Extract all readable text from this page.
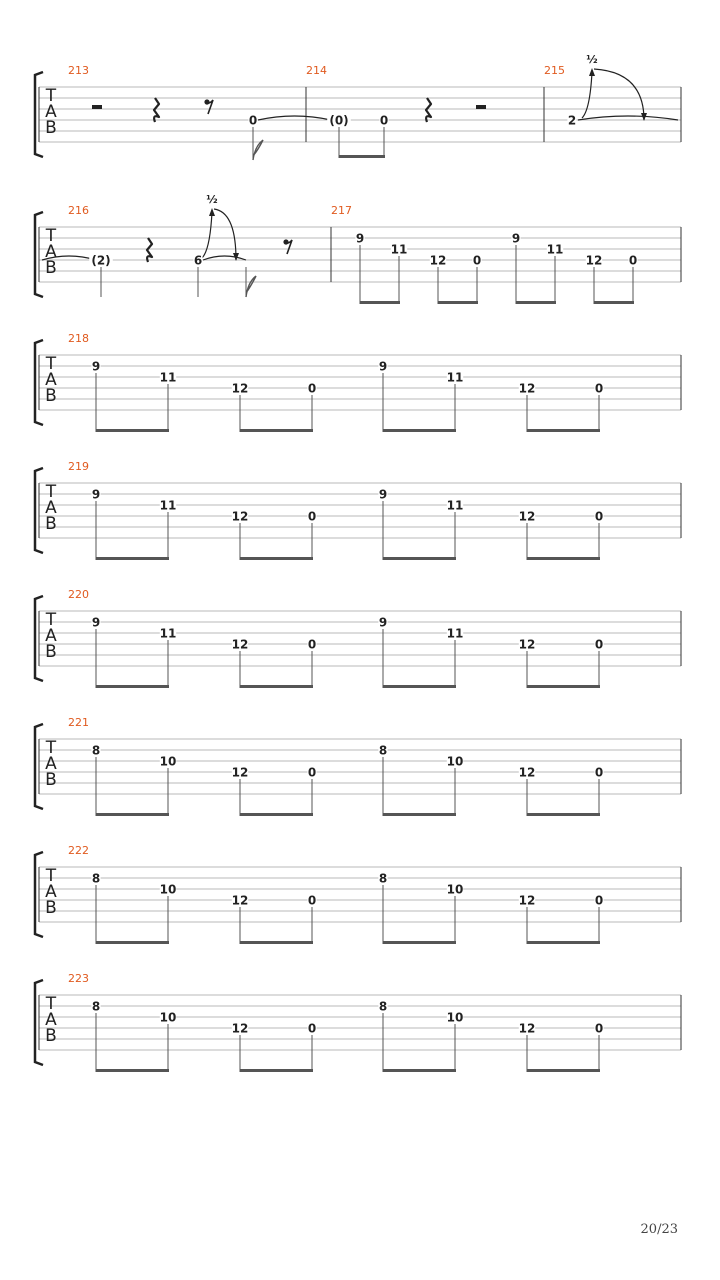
T
A
B
213	214	215
0	(0)	0
½
2
T
A
B
216	217
(2)
½
6
9
11
12 0
9
11
12 0
T
A
B
218
9
11
12	0
9
11
12	0
T
A
B
219
9
11
12	0
9
11
12	0
T
A
B
220
9
11
12	0
9
11
12	0
T
A
B
221
8
10
12	0
8
10
12	0
T
A
B
222
8
10
12	0
8
10
12	0
T
A
B
223
8
10
12	0
8
10
12	0
20/23
